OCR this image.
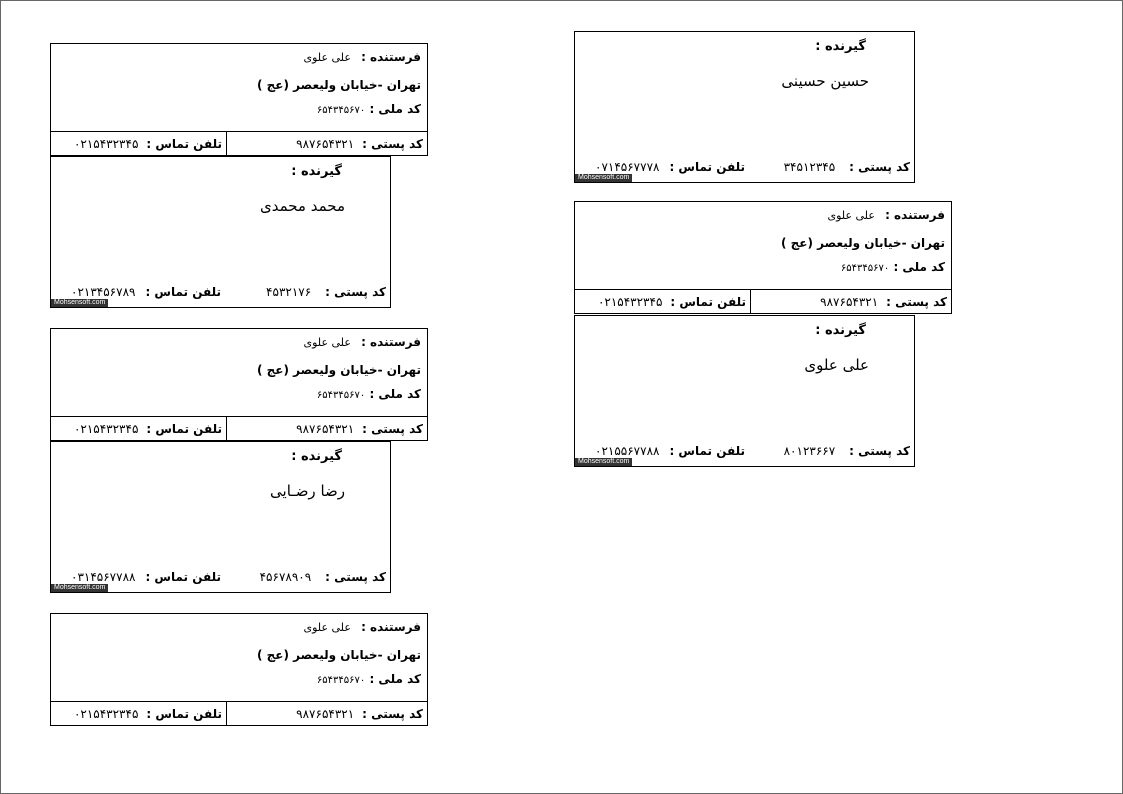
فرستنده : علی علوی
تهران -خیابان ولیعصر (عج )
کد ملی : ۶۵۴۳۴۵۶۷۰
کد پستی :
۹۸۷۶۵۴۳۲۱
تلفن تماس :
۰۲۱۵۴۳۲۳۴۵
گیرنده :
محمد محمدی
کد پستی :
۴۵۳۲۱۷۶
تلفن تماس :
۰۲۱۳۴۵۶۷۸۹
Mohsensoft.com
فرستنده : علی علوی
تهران -خیابان ولیعصر (عج )
کد ملی : ۶۵۴۳۴۵۶۷۰
کد پستی :
۹۸۷۶۵۴۳۲۱
تلفن تماس :
۰۲۱۵۴۳۲۳۴۵
گیرنده :
رضا رضـایی
کد پستی :
۴۵۶۷۸۹۰۹
تلفن تماس :
۰۳۱۴۵۶۷۷۸۸
Mohsensoft.com
فرستنده : علی علوی
تهران -خیابان ولیعصر (عج )
کد ملی : ۶۵۴۳۴۵۶۷۰
کد پستی :
۹۸۷۶۵۴۳۲۱
تلفن تماس :
۰۲۱۵۴۳۲۳۴۵
گیرنده :
حسین حسینی
کد پستی :
۳۴۵۱۲۳۴۵
تلفن تماس :
۰۷۱۴۵۶۷۷۷۸
Mohsensoft.com
فرستنده : علی علوی
تهران -خیابان ولیعصر (عج )
کد ملی : ۶۵۴۳۴۵۶۷۰
کد پستی :
۹۸۷۶۵۴۳۲۱
تلفن تماس :
۰۲۱۵۴۳۲۳۴۵
گیرنده :
علی علوی
کد پستی :
۸۰۱۲۳۶۶۷
تلفن تماس :
۰۲۱۵۵۶۷۷۸۸
Mohsensoft.com
